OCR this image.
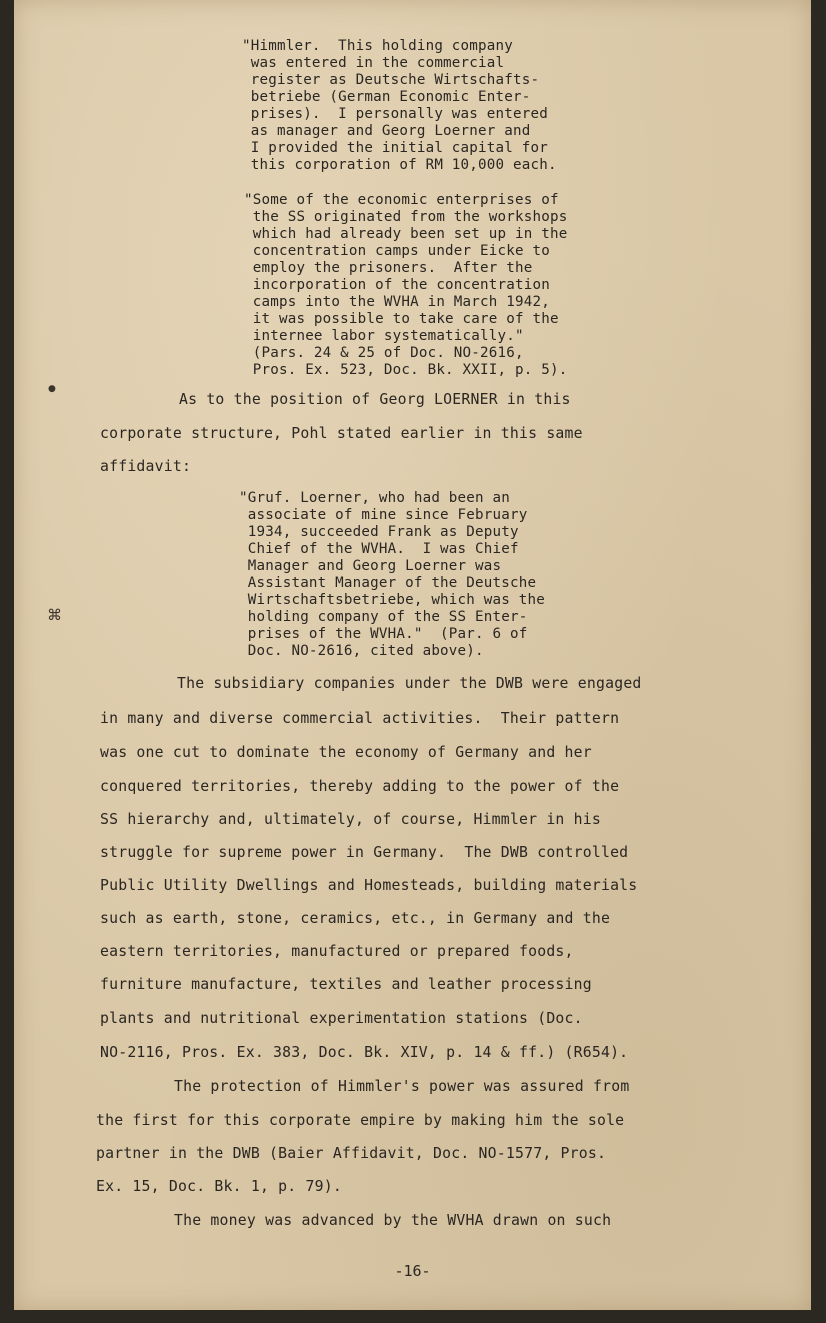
"Himmler.  This holding company

was entered in the commercial

register as Deutsche Wirtschafts-

betriebe (German Economic Enter-

prises).  I personally was entered

as manager and Georg Loerner and

I provided the initial capital for

this corporation of RM 10,000 each.

"Some of the economic enterprises of

the SS originated from the workshops

which had already been set up in the

concentration camps under Eicke to

employ the prisoners.  After the

incorporation of the concentration

camps into the WVHA in March 1942,

it was possible to take care of the

internee labor systematically."

(Pars. 24 & 25 of Doc. NO-2616,

Pros. Ex. 523, Doc. Bk. XXII, p. 5).

As to the position of Georg LOERNER in this

corporate structure, Pohl stated earlier in this same

affidavit:

"Gruf. Loerner, who had been an

associate of mine since February

1934, succeeded Frank as Deputy

Chief of the WVHA.  I was Chief

Manager and Georg Loerner was

Assistant Manager of the Deutsche

Wirtschaftsbetriebe, which was the

holding company of the SS Enter-

prises of the WVHA."  (Par. 6 of

Doc. NO-2616, cited above).

The subsidiary companies under the DWB were engaged

in many and diverse commercial activities.  Their pattern

was one cut to dominate the economy of Germany and her

conquered territories, thereby adding to the power of the

SS hierarchy and, ultimately, of course, Himmler in his

struggle for supreme power in Germany.  The DWB controlled

Public Utility Dwellings and Homesteads, building materials

such as earth, stone, ceramics, etc., in Germany and the

eastern territories, manufactured or prepared foods,

furniture manufacture, textiles and leather processing

plants and nutritional experimentation stations (Doc.

NO-2116, Pros. Ex. 383, Doc. Bk. XIV, p. 14 & ff.) (R654).

The protection of Himmler's power was assured from

the first for this corporate empire by making him the sole

partner in the DWB (Baier Affidavit, Doc. NO-1577, Pros.

Ex. 15, Doc. Bk. 1, p. 79).

The money was advanced by the WVHA drawn on such

-16-
●
⌘
